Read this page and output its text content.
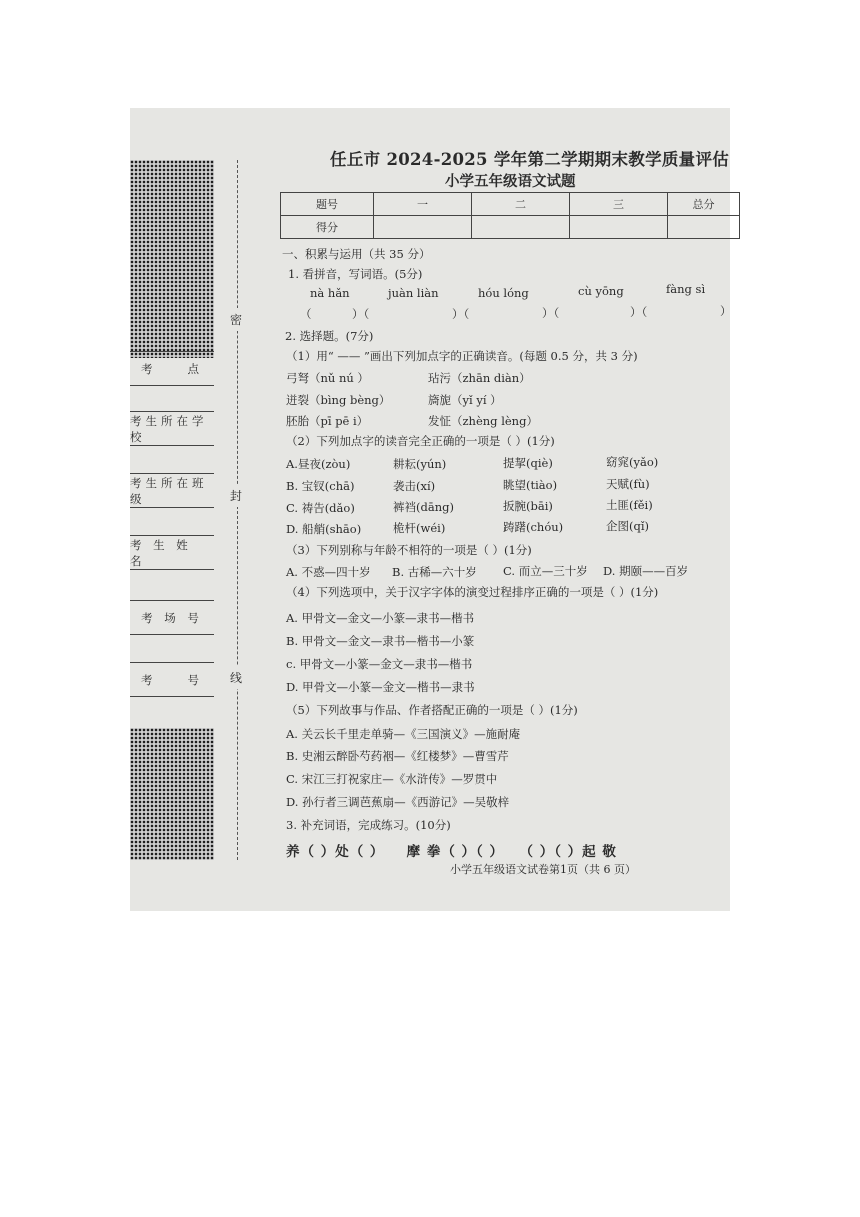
考　　点
考生所在学校
考生所在班级
考 生 姓 名
考 场 号
考　　号
密
封
线
任丘市 2024-2025 学年第二学期期末教学质量评估
小学五年级语文试题
题号	一	二	三	总分
得分				
一、积累与运用（共 35 分）
1. 看拼音，写词语。(5分)
nà hǎn	juàn liàn	hóu lóng	cù yōng	fàng sì
（	）（	）（	）（	）（	）
2. 选择题。(7分)
（1）用“ —— ”画出下列加点字的正确读音。(每题 0.5 分，共 3 分)
弓弩（nǔ nú ）	玷污（zhān diàn）
迸裂（bìng bèng）	旖旎（yǐ yí ）
胚胎（pī pē i）	发怔（zhèng lèng）
（2）下列加点字的读音完全正确的一项是（ ）(1分)
A.昼夜(zòu)	耕耘(yún)	提挈(qiè)	窈窕(yǎo)
B. 宝钗(chā)	袭击(xí)	眺望(tiào)	天赋(fù)
C. 祷告(dǎo)	裤裆(dāng)	扳腕(bāi)	土匪(fěi)
D. 船艄(shāo)	桅杆(wéi)	踌躇(chóu)	企图(qǐ)
（3）下列别称与年龄不相符的一项是（ ）(1分)
A. 不惑—四十岁 B. 古稀—六十岁 C. 而立—三十岁 D. 期颐——百岁
（4）下列选项中，关于汉字字体的演变过程排序正确的一项是（ ）(1分)
A. 甲骨文—金文—小篆—隶书—楷书
B. 甲骨文—金文—隶书—楷书—小篆
c. 甲骨文—小篆—金文—隶书—楷书
D. 甲骨文—小篆—金文—楷书—隶书
（5）下列故事与作品、作者搭配正确的一项是（ ）(1分)
A. 关云长千里走单骑—《三国演义》—施耐庵
B. 史湘云醉卧芍药裀—《红楼梦》—曹雪芹
C. 宋江三打祝家庄—《水浒传》—罗贯中
D. 孙行者三调芭蕉扇—《西游记》—吴敬梓
3. 补充词语，完成练习。(10分)
养（ ）处（ ）　　摩 拳（ ）（ ）　　（ ）（ ）起 敬
小学五年级语文试卷第1页（共 6 页）
